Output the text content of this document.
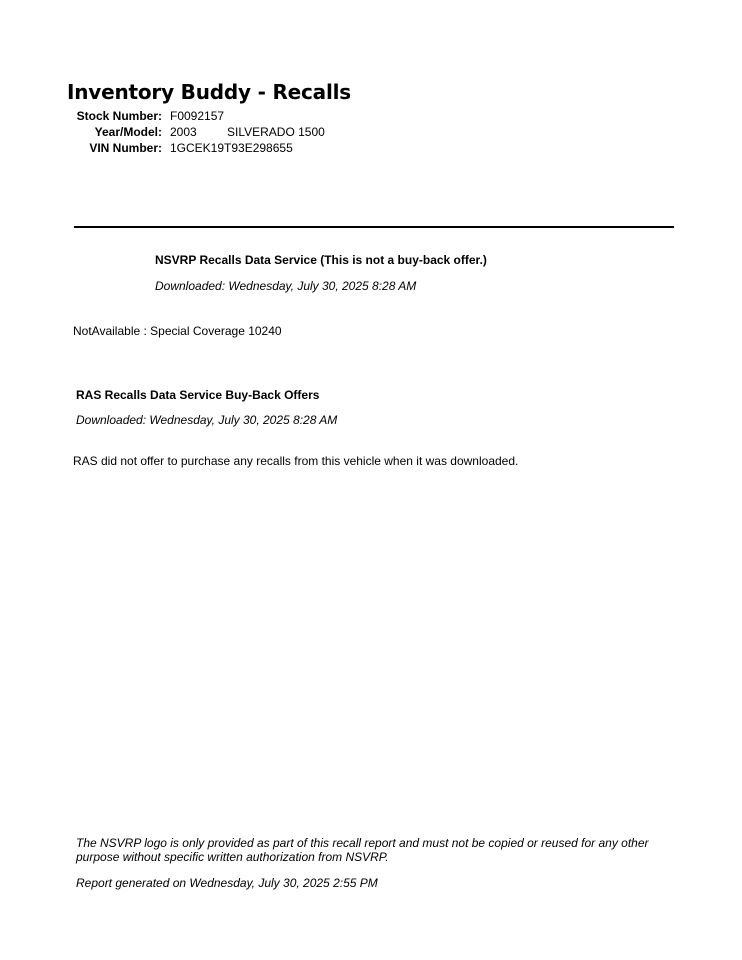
Inventory Buddy - Recalls
Stock Number: F0092157
Year/Model: 2003	SILVERADO 1500
VIN Number: 1GCEK19T93E298655
NSVRP Recalls Data Service (This is not a buy-back offer.)
Downloaded: Wednesday, July 30, 2025 8:28 AM
NotAvailable : Special Coverage 10240
RAS Recalls Data Service Buy-Back Offers
Downloaded: Wednesday, July 30, 2025 8:28 AM
RAS did not offer to purchase any recalls from this vehicle when it was downloaded.
The NSVRP logo is only provided as part of this recall report and must not be copied or reused for any other purpose without specific written authorization from NSVRP.
Report generated on Wednesday, July 30, 2025 2:55 PM
